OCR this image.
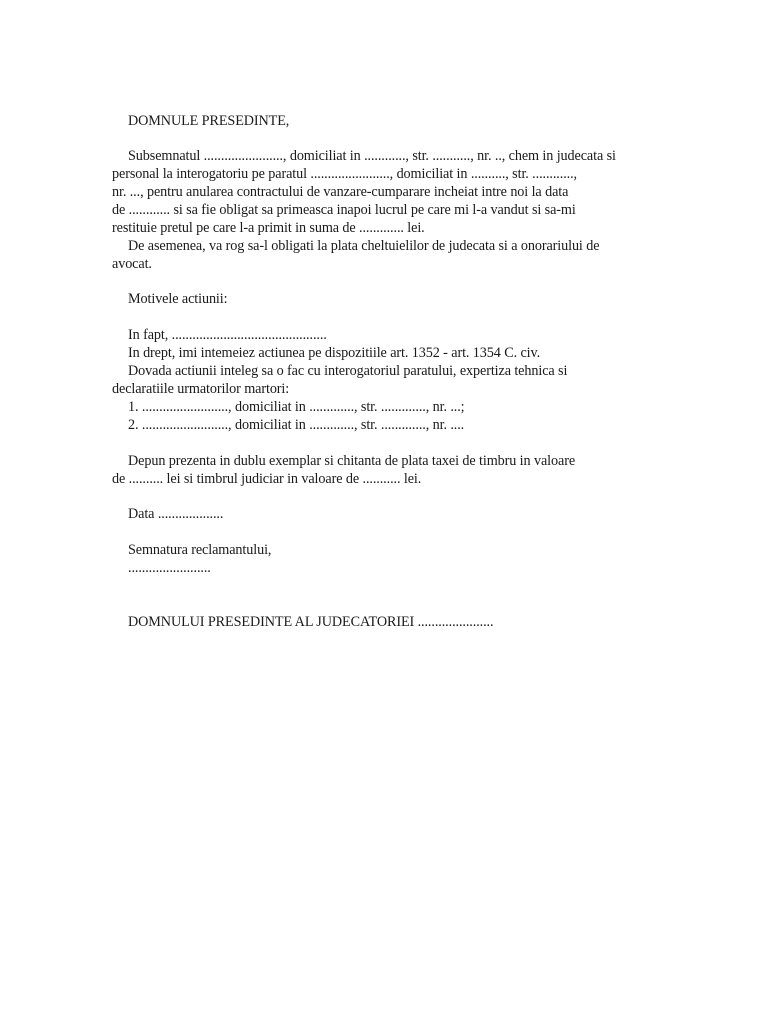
DOMNULE PRESEDINTE,
Subsemnatul ......................., domiciliat in ............, str. ..........., nr. .., chem in judecata si
personal la interogatoriu pe paratul ......................., domiciliat in .........., str. ............,
nr. ..., pentru anularea contractului de vanzare-cumparare incheiat intre noi la data
de ............ si sa fie obligat sa primeasca inapoi lucrul pe care mi l-a vandut si sa-mi
restituie pretul pe care l-a primit in suma de ............. lei.
De asemenea, va rog sa-l obligati la plata cheltuielilor de judecata si a onorariului de
avocat.
Motivele actiunii:
In fapt, .............................................
In drept, imi intemeiez actiunea pe dispozitiile art. 1352 - art. 1354 C. civ.
Dovada actiunii inteleg sa o fac cu interogatoriul paratului, expertiza tehnica si
declaratiile urmatorilor martori:
1. ........................., domiciliat in ............., str. ............., nr. ...;
2. ........................., domiciliat in ............., str. ............., nr. ....
Depun prezenta in dublu exemplar si chitanta de plata taxei de timbru in valoare
de .......... lei si timbrul judiciar in valoare de ........... lei.
Data ...................
Semnatura reclamantului,
........................
DOMNULUI PRESEDINTE AL JUDECATORIEI ......................
